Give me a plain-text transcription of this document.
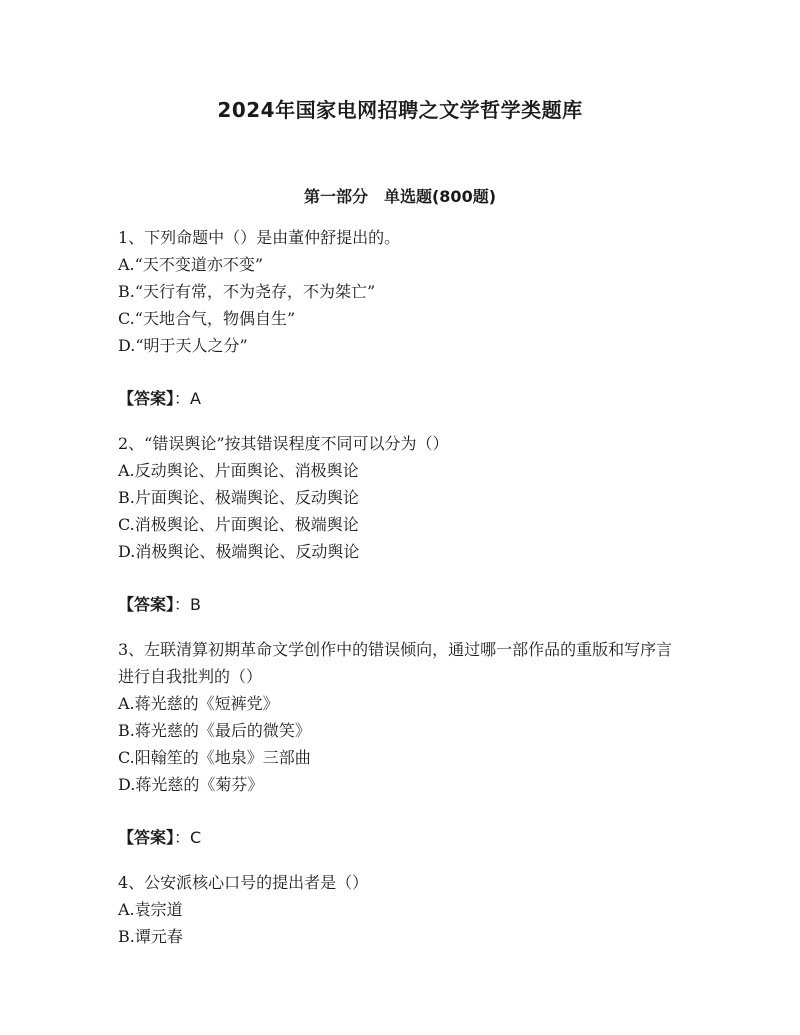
2024年国家电网招聘之文学哲学类题库
第一部分　单选题(800题)

1、下列命题中（）是由董仲舒提出的。

A.“天不变道亦不变”

B.“天行有常，不为尧存，不为桀亡”

C.“天地合气，物偶自生”

D.“明于天人之分”

【答案】：A

2、“错误舆论”按其错误程度不同可以分为（）

A.反动舆论、片面舆论、消极舆论

B.片面舆论、极端舆论、反动舆论

C.消极舆论、片面舆论、极端舆论

D.消极舆论、极端舆论、反动舆论

【答案】：B

3、左联清算初期革命文学创作中的错误倾向，通过哪一部作品的重版和写序言进行自我批判的（）

A.蒋光慈的《短裤党》

B.蒋光慈的《最后的微笑》

C.阳翰笙的《地泉》三部曲

D.蒋光慈的《菊芬》

【答案】：C

4、公安派核心口号的提出者是（）

A.袁宗道

B.谭元春
